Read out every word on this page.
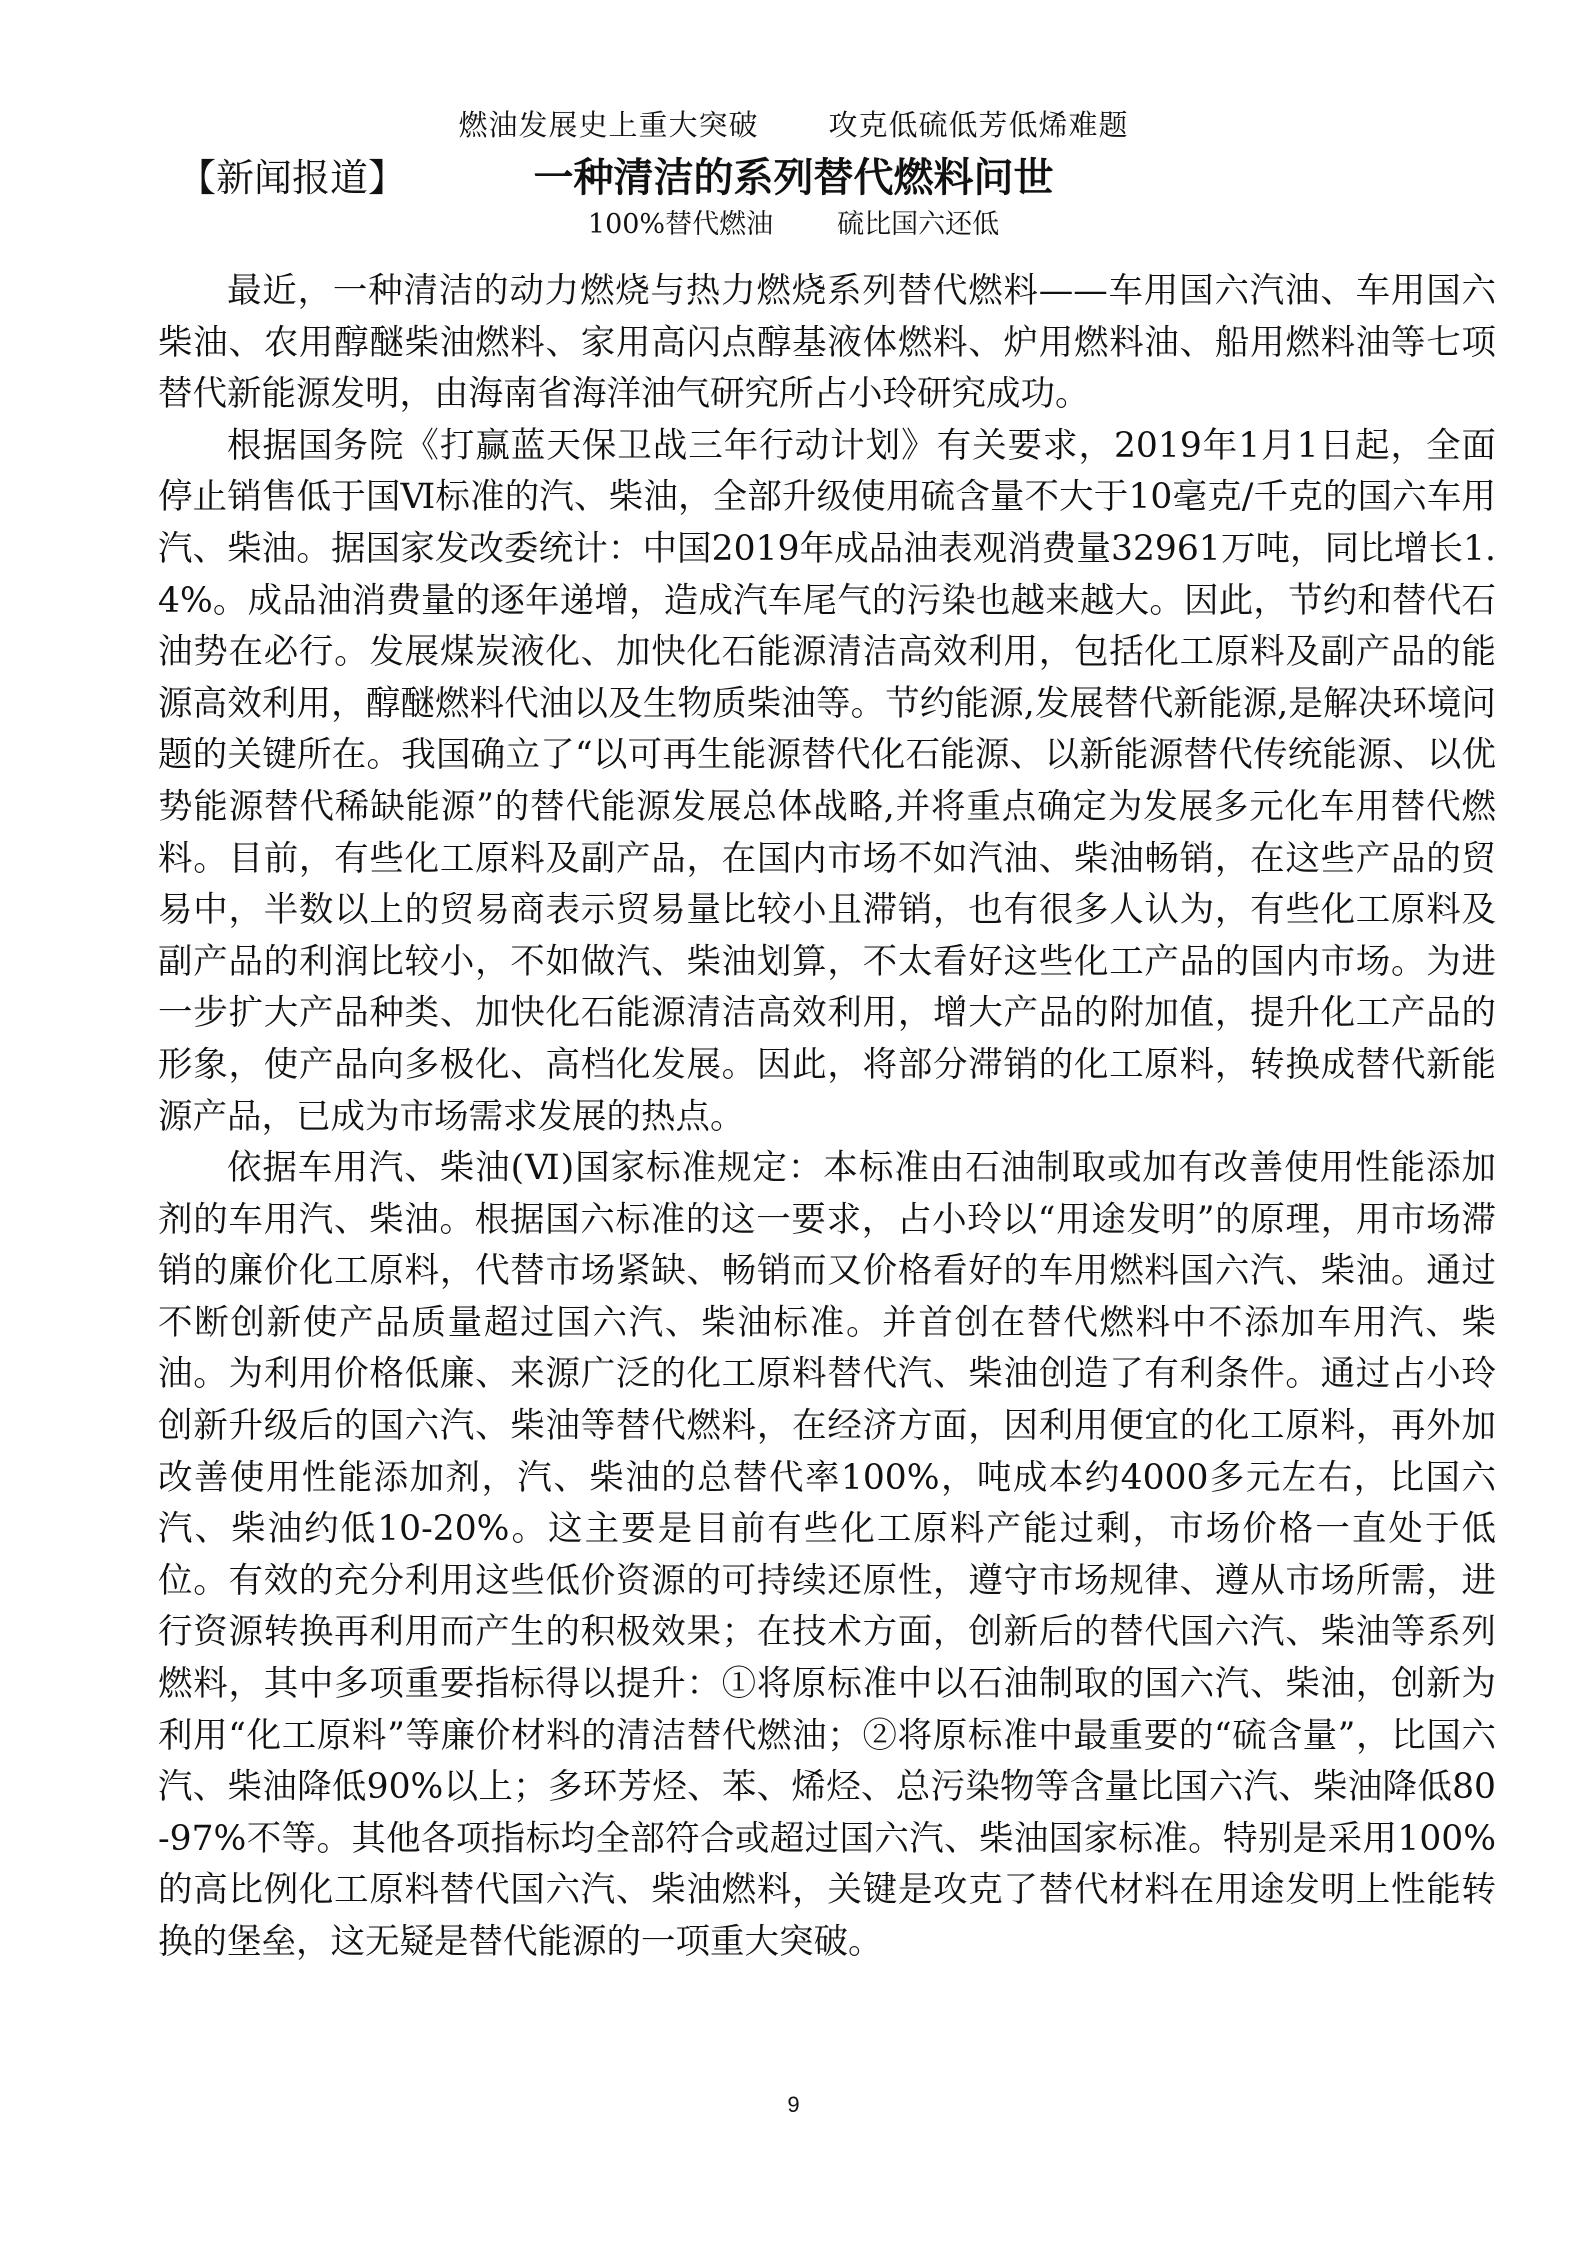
燃油发展史上重大突破 攻克低硫低芳低烯难题
【新闻报道】	一种清洁的系列替代燃料问世
100%替代燃油 硫比国六还低

最近，一种清洁的动力燃烧与热力燃烧系列替代燃料——车用国六汽油、车用国六柴油、农用醇醚柴油燃料、家用高闪点醇基液体燃料、炉用燃料油、船用燃料油等七项替代新能源发明，由海南省海洋油气研究所占小玲研究成功。

根据国务院《打赢蓝天保卫战三年行动计划》有关要求，2019年1月1日起，全面停止销售低于国Ⅵ标准的汽、柴油，全部升级使用硫含量不大于10毫克/千克的国六车用汽、柴油。据国家发改委统计：中国2019年成品油表观消费量32961万吨，同比增长1.4%。成品油消费量的逐年递增，造成汽车尾气的污染也越来越大。因此，节约和替代石油势在必行。发展煤炭液化、加快化石能源清洁高效利用，包括化工原料及副产品的能源高效利用，醇醚燃料代油以及生物质柴油等。节约能源,发展替代新能源,是解决环境问题的关键所在。我国确立了“以可再生能源替代化石能源、以新能源替代传统能源、以优势能源替代稀缺能源”的替代能源发展总体战略,并将重点确定为发展多元化车用替代燃料。目前，有些化工原料及副产品，在国内市场不如汽油、柴油畅销，在这些产品的贸易中，半数以上的贸易商表示贸易量比较小且滞销，也有很多人认为，有些化工原料及副产品的利润比较小，不如做汽、柴油划算，不太看好这些化工产品的国内市场。为进一步扩大产品种类、加快化石能源清洁高效利用，增大产品的附加值，提升化工产品的形象，使产品向多极化、高档化发展。因此，将部分滞销的化工原料，转换成替代新能源产品，已成为市场需求发展的热点。

依据车用汽、柴油(Ⅵ)国家标准规定：本标准由石油制取或加有改善使用性能添加剂的车用汽、柴油。根据国六标准的这一要求，占小玲以“用途发明”的原理，用市场滞销的廉价化工原料，代替市场紧缺、畅销而又价格看好的车用燃料国六汽、柴油。通过不断创新使产品质量超过国六汽、柴油标准。并首创在替代燃料中不添加车用汽、柴油。为利用价格低廉、来源广泛的化工原料替代汽、柴油创造了有利条件。通过占小玲创新升级后的国六汽、柴油等替代燃料，在经济方面，因利用便宜的化工原料，再外加改善使用性能添加剂，汽、柴油的总替代率100%，吨成本约4000多元左右，比国六汽、柴油约低10-20%。这主要是目前有些化工原料产能过剩，市场价格一直处于低位。有效的充分利用这些低价资源的可持续还原性，遵守市场规律、遵从市场所需，进行资源转换再利用而产生的积极效果；在技术方面，创新后的替代国六汽、柴油等系列燃料，其中多项重要指标得以提升：①将原标准中以石油制取的国六汽、柴油，创新为利用“化工原料”等廉价材料的清洁替代燃油；②将原标准中最重要的“硫含量”，比国六汽、柴油降低90%以上；多环芳烃、苯、烯烃、总污染物等含量比国六汽、柴油降低80-97%不等。其他各项指标均全部符合或超过国六汽、柴油国家标准。特别是采用100%的高比例化工原料替代国六汽、柴油燃料，关键是攻克了替代材料在用途发明上性能转换的堡垒，这无疑是替代能源的一项重大突破。

9
